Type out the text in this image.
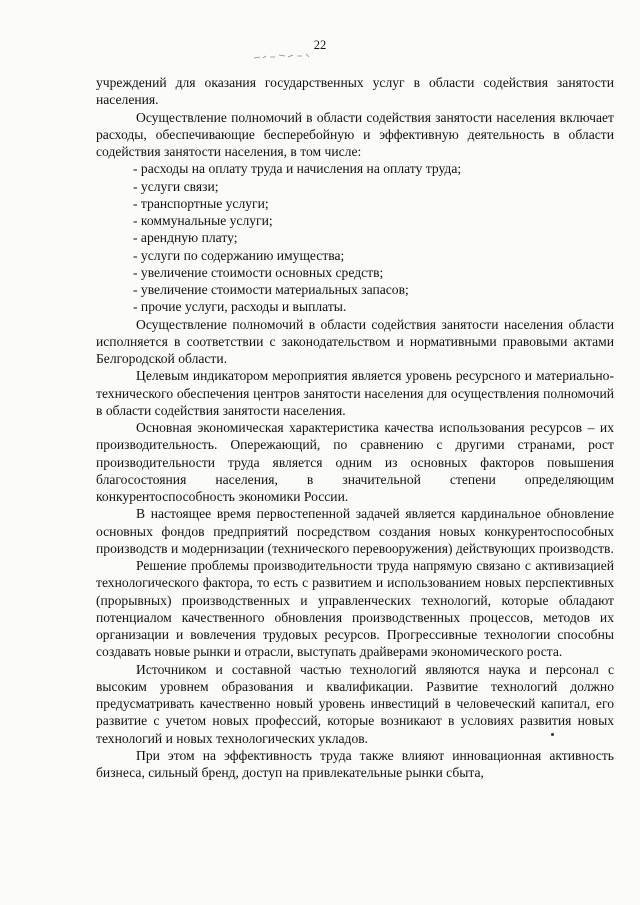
22

учреждений для оказания государственных услуг в области содействия занятости населения.

Осуществление полномочий в области содействия занятости населения включает расходы, обеспечивающие бесперебойную и эффективную деятельность в области содействия занятости населения, в том числе:

- расходы на оплату труда и начисления на оплату труда;
- услуги связи;
- транспортные услуги;
- коммунальные услуги;
- арендную плату;
- услуги по содержанию имущества;
- увеличение стоимости основных средств;
- увеличение стоимости материальных запасов;
- прочие услуги, расходы и выплаты.

Осуществление полномочий в области содействия занятости населения области исполняется в соответствии с законодательством и нормативными правовыми актами Белгородской области.

Целевым индикатором мероприятия является уровень ресурсного и материально-технического обеспечения центров занятости населения для осуществления полномочий в области содействия занятости населения.

Основная экономическая характеристика качества использования ресурсов – их производительность. Опережающий, по сравнению с другими странами, рост производительности труда является одним из основных факторов повышения благосостояния населения, в значительной степени определяющим конкурентоспособность экономики России.

В настоящее время первостепенной задачей является кардинальное обновление основных фондов предприятий посредством создания новых конкурентоспособных производств и модернизации (технического перевооружения) действующих производств.

Решение проблемы производительности труда напрямую связано с активизацией технологического фактора, то есть с развитием и использованием новых перспективных (прорывных) производственных и управленческих технологий, которые обладают потенциалом качественного обновления производственных процессов, методов их организации и вовлечения трудовых ресурсов. Прогрессивные технологии способны создавать новые рынки и отрасли, выступать драйверами экономического роста.

Источником и составной частью технологий являются наука и персонал с высоким уровнем образования и квалификации. Развитие технологий должно предусматривать качественно новый уровень инвестиций в человеческий капитал, его развитие с учетом новых профессий, которые возникают в условиях развития новых технологий и новых технологических укладов.

При этом на эффективность труда также влияют инновационная активность бизнеса, сильный бренд, доступ на привлекательные рынки сбыта,
